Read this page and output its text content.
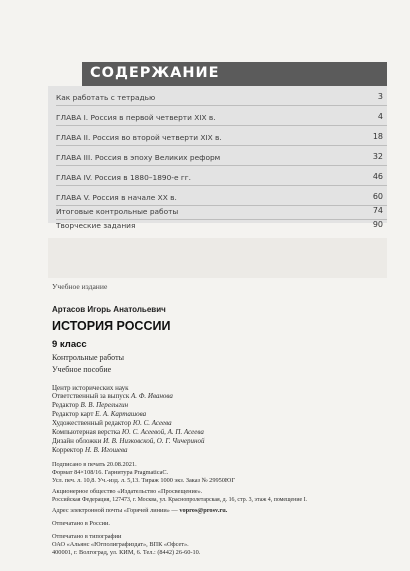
СОДЕРЖАНИЕ
Как работать с тетрадью	3
ГЛАВА I. Россия в первой четверти XIX в.	4
ГЛАВА II. Россия во второй четверти XIX в.	18
ГЛАВА III. Россия в эпоху Великих реформ	32
ГЛАВА IV. Россия в 1880–1890-е гг.	46
ГЛАВА V. Россия в начале XX в.	60
Итоговые контрольные работы	74
Творческие задания	90
Учебное издание
Артасов Игорь Анатольевич
ИСТОРИЯ РОССИИ
9 класс
Контрольные работы
Учебное пособие
Центр исторических наук
Ответственный за выпуск А. Ф. Иванова
Редактор В. В. Перелыгин
Редактор карт Е. А. Карташова
Художественный редактор Ю. С. Асеева
Компьютерная верстка Ю. С. Асеевой, А. П. Асеева
Дизайн обложки И. В. Низковской, О. Г. Чичериной
Корректор Н. В. Игошева
Подписано в печать 20.08.2021.
Формат 84×108/16. Гарнитура PragmaticaC.
Усл. печ. л. 10,8. Уч.-изд. л. 5,13. Тираж 1000 экз. Заказ № 29950ЮГ
Акционерное общество «Издательство «Просвещение».
Российская Федерация, 127473, г. Москва, ул. Краснопролетарская, д. 16, стр. 3, этаж 4, помещение I.
Адрес электронной почты «Горячей линии» — vopros@prosv.ru.
Отпечатано в России.
Отпечатано в типографии
ОАО «Альянс «Югполиграфиздат», ВПК «Офсет».
400001, г. Волгоград, ул. КИМ, 6. Тел.: (8442) 26-60-10.
